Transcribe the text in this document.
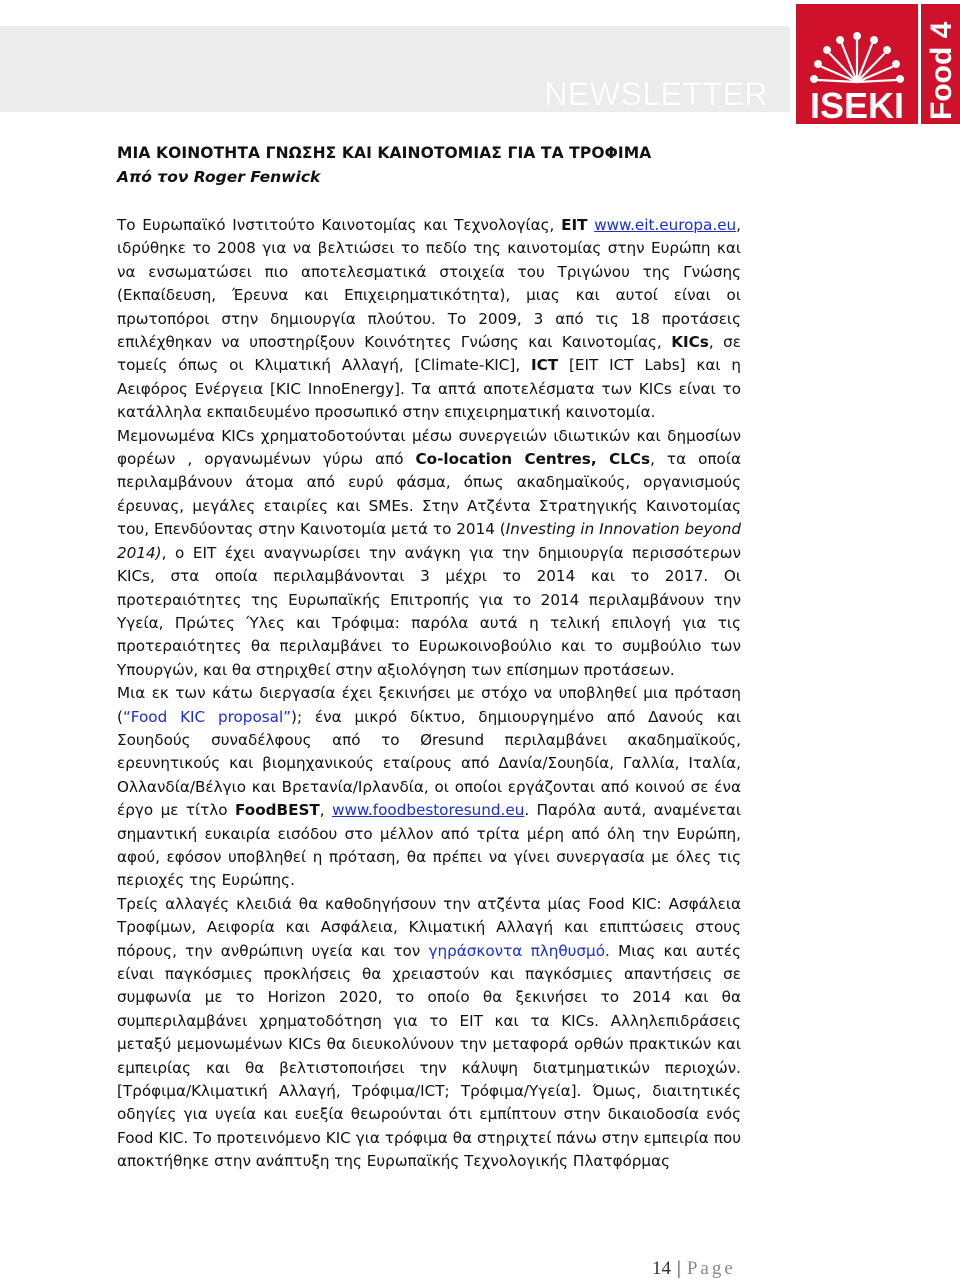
NEWSLETTER ISEKI Food 4
ΜΙΑ ΚΟΙΝΟΤΗΤΑ ΓΝΩΣΗΣ ΚΑΙ ΚΑΙΝΟΤΟΜΙΑΣ ΓΙΑ ΤΑ ΤΡΟΦΙΜΑ
Από τον Roger Fenwick

Το Ευρωπαϊκό Ινστιτούτο Καινοτομίας και Τεχνολογίας, EIT www.eit.europa.eu, ιδρύθηκε το 2008 για να βελτιώσει το πεδίο της καινοτομίας στην Ευρώπη και να ενσωματώσει πιο αποτελεσματικά στοιχεία του Τριγώνου της Γνώσης (Εκπαίδευση, Έρευνα και Επιχειρηματικότητα), μιας και αυτοί είναι οι πρωτοπόροι στην δημιουργία πλούτου. Το 2009, 3 από τις 18 προτάσεις επιλέχθηκαν να υποστηρίξουν Κοινότητες Γνώσης και Καινοτομίας, KICs, σε τομείς όπως οι Κλιματική Αλλαγή, [Climate-KIC], ICT [EIT ICT Labs] και η Αειφόρος Ενέργεια [KIC InnoEnergy]. Τα απτά αποτελέσματα των KICs είναι το κατάλληλα εκπαιδευμένο προσωπικό στην επιχειρηματική καινοτομία.

Μεμονωμένα KICs χρηματοδοτούνται μέσω συνεργειών ιδιωτικών και δημοσίων φορέων , οργανωμένων γύρω από Co-location Centres, CLCs, τα οποία περιλαμβάνουν άτομα από ευρύ φάσμα, όπως ακαδημαϊκούς, οργανισμούς έρευνας, μεγάλες εταιρίες και SMEs. Στην Ατζέντα Στρατηγικής Καινοτομίας του, Επενδύοντας στην Καινοτομία μετά το 2014 (Investing in Innovation beyond 2014), ο EIT έχει αναγνωρίσει την ανάγκη για την δημιουργία περισσότερων KICs, στα οποία περιλαμβάνονται 3 μέχρι το 2014 και το 2017. Οι προτεραιότητες της Ευρωπαϊκής Επιτροπής για το 2014 περιλαμβάνουν την Υγεία, Πρώτες Ύλες και Τρόφιμα: παρόλα αυτά η τελική επιλογή για τις προτεραιότητες θα περιλαμβάνει το Ευρωκοινοβούλιο και το συμβούλιο των Υπουργών, και θα στηριχθεί στην αξιολόγηση των επίσημων προτάσεων.

Μια εκ των κάτω διεργασία έχει ξεκινήσει με στόχο να υποβληθεί μια πρόταση (“Food KIC proposal”); ένα μικρό δίκτυο, δημιουργημένο από Δανούς και Σουηδούς συναδέλφους από το Øresund περιλαμβάνει ακαδημαϊκούς, ερευνητικούς και βιομηχανικούς εταίρους από Δανία/Σουηδία, Γαλλία, Ιταλία, Ολλανδία/Βέλγιο και Βρετανία/Ιρλανδία, οι οποίοι εργάζονται από κοινού σε ένα έργο με τίτλο FoodBEST, www.foodbestoresund.eu. Παρόλα αυτά, αναμένεται σημαντική ευκαιρία εισόδου στο μέλλον από τρίτα μέρη από όλη την Ευρώπη, αφού, εφόσον υποβληθεί η πρόταση, θα πρέπει να γίνει συνεργασία με όλες τις περιοχές της Ευρώπης.

Τρείς αλλαγές κλειδιά θα καθοδηγήσουν την ατζέντα μίας Food KIC: Ασφάλεια Τροφίμων, Αειφορία και Ασφάλεια, Κλιματική Αλλαγή και επιπτώσεις στους πόρους, την ανθρώπινη υγεία και τον γηράσκοντα πληθυσμό. Μιας και αυτές είναι παγκόσμιες προκλήσεις θα χρειαστούν και παγκόσμιες απαντήσεις σε συμφωνία με το Horizon 2020, το οποίο θα ξεκινήσει το 2014 και θα συμπεριλαμβάνει χρηματοδότηση για το EIT και τα KICs. Αλληλεπιδράσεις μεταξύ μεμονωμένων KICs θα διευκολύνουν την μεταφορά ορθών πρακτικών και εμπειρίας και θα βελτιστοποιήσει την κάλυψη διατμηματικών περιοχών. [Τρόφιμα/Κλιματική Αλλαγή, Τρόφιμα/ICT; Τρόφιμα/Υγεία]. Όμως, διαιτητικές οδηγίες για υγεία και ευεξία θεωρούνται ότι εμπίπτουν στην δικαιοδοσία ενός Food KIC. Το προτεινόμενο KIC για τρόφιμα θα στηριχτεί πάνω στην εμπειρία που αποκτήθηκε στην ανάπτυξη της Ευρωπαϊκής Τεχνολογικής Πλατφόρμας

14 | Page
